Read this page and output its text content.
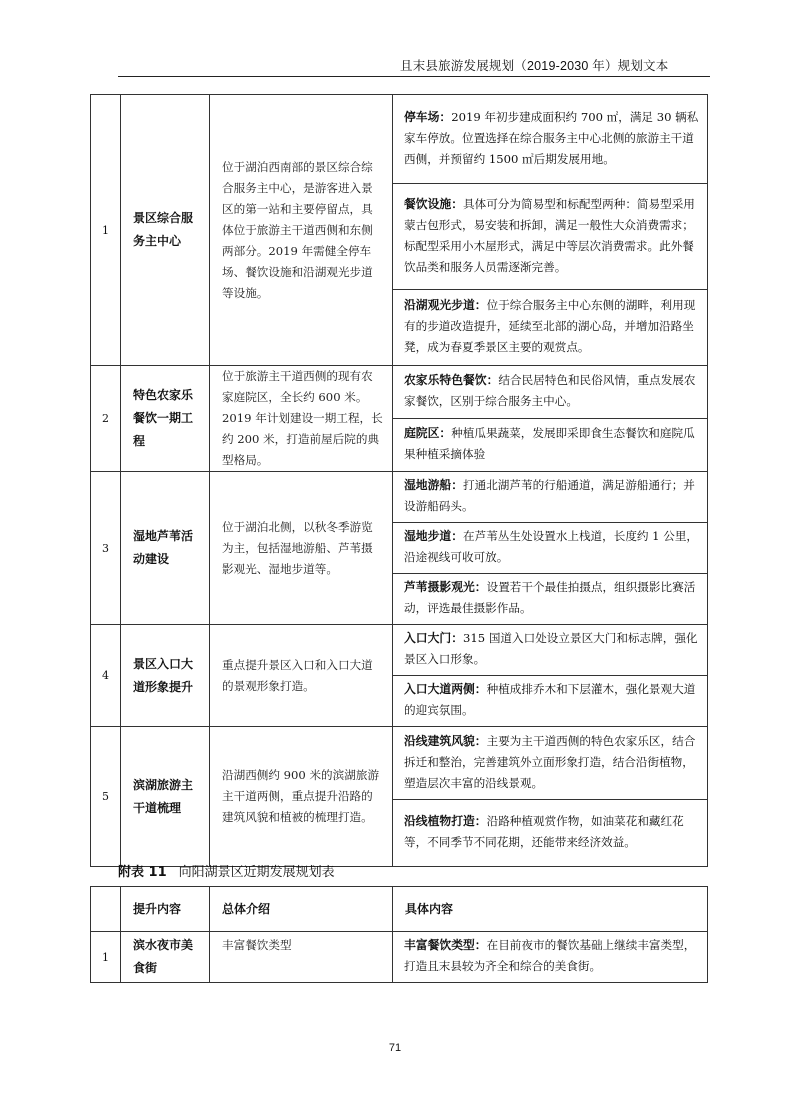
且末县旅游发展规划（2019-2030 年）规划文本
1	景区综合服务主中心	位于湖泊西南部的景区综合综合服务主中心，是游客进入景区的第一站和主要停留点，具体位于旅游主干道西侧和东侧两部分。2019 年需健全停车场、餐饮设施和沿湖观光步道等设施。	停车场：2019 年初步建成面积约 700 ㎡，满足 30 辆私家车停放。位置选择在综合服务主中心北侧的旅游主干道西侧，并预留约 1500 ㎡后期发展用地。
			餐饮设施：具体可分为简易型和标配型两种：简易型采用蒙古包形式，易安装和拆卸，满足一般性大众消费需求；标配型采用小木屋形式，满足中等层次消费需求。此外餐饮品类和服务人员需逐渐完善。
			沿湖观光步道：位于综合服务主中心东侧的湖畔，利用现有的步道改造提升，延续至北部的湖心岛，并增加沿路坐凳，成为春夏季景区主要的观赏点。
2	特色农家乐餐饮一期工程	位于旅游主干道西侧的现有农家庭院区，全长约 600 米。2019 年计划建设一期工程，长约 200 米，打造前屋后院的典型格局。	农家乐特色餐饮：结合民居特色和民俗风情，重点发展农家餐饮，区别于综合服务主中心。
			庭院区：种植瓜果蔬菜，发展即采即食生态餐饮和庭院瓜果种植采摘体验
3	湿地芦苇活动建设	位于湖泊北侧，以秋冬季游览为主，包括湿地游船、芦苇摄影观光、湿地步道等。	湿地游船：打通北湖芦苇的行船通道，满足游船通行；并设游船码头。
			湿地步道：在芦苇丛生处设置水上栈道，长度约 1 公里，沿途视线可收可放。
			芦苇摄影观光：设置若干个最佳拍摄点，组织摄影比赛活动，评选最佳摄影作品。
4	景区入口大道形象提升	重点提升景区入口和入口大道的景观形象打造。	入口大门：315 国道入口处设立景区大门和标志牌，强化景区入口形象。
			入口大道两侧：种植成排乔木和下层灌木，强化景观大道的迎宾氛围。
5	滨湖旅游主干道梳理	沿湖西侧约 900 米的滨湖旅游主干道两侧，重点提升沿路的建筑风貌和植被的梳理打造。	沿线建筑风貌：主要为主干道西侧的特色农家乐区，结合拆迁和整治，完善建筑外立面形象打造，结合沿街植物，塑造层次丰富的沿线景观。
			沿线植物打造：沿路种植观赏作物，如油菜花和藏红花等，不同季节不同花期，还能带来经济效益。
附表 11 向阳湖景区近期发展规划表

	提升内容	总体介绍	具体内容

1	滨水夜市美食街	丰富餐饮类型	丰富餐饮类型：在目前夜市的餐饮基础上继续丰富类型，打造且末县较为齐全和综合的美食街。
71
